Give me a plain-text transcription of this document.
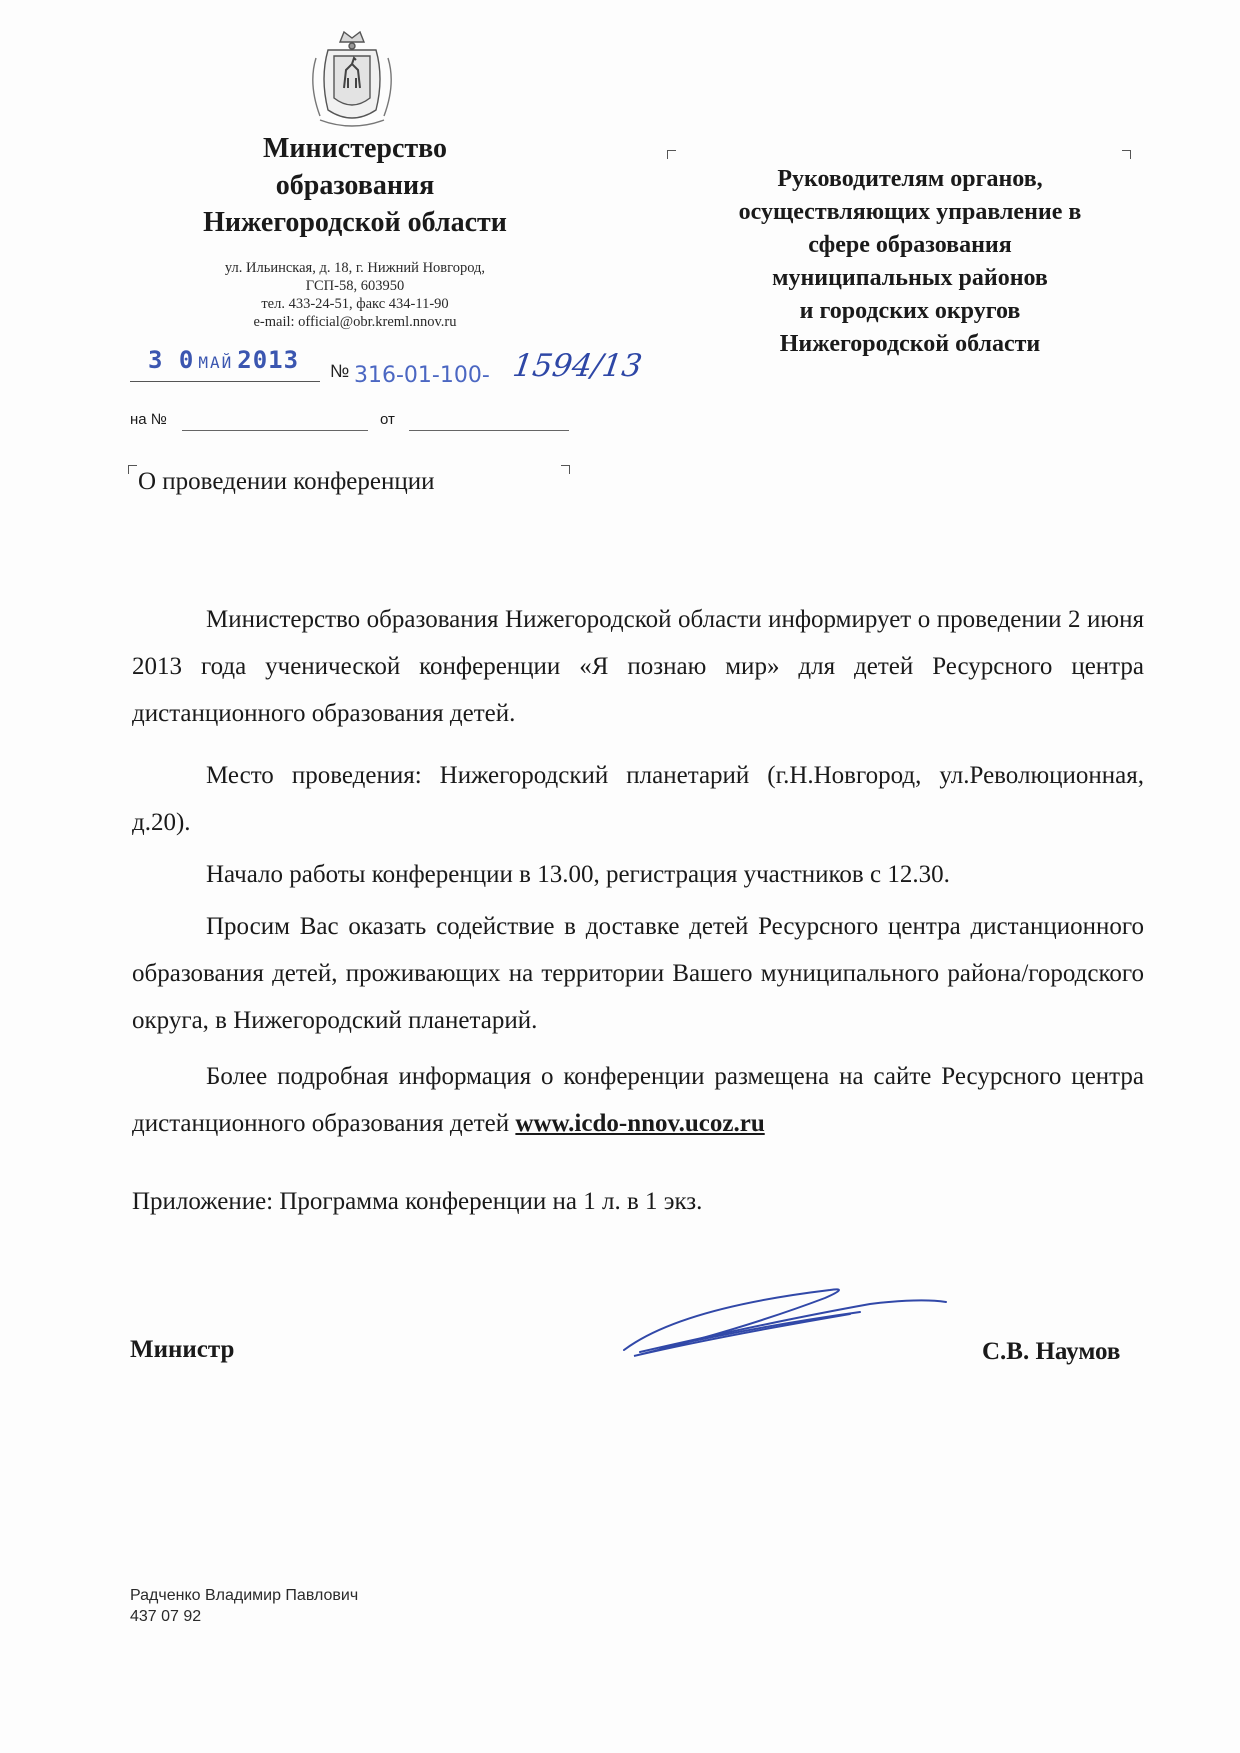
Министерство
образования
Нижегородской области
ул. Ильинская, д. 18, г. Нижний Новгород,
ГСП-58, 603950
тел. 433-24-51, факс 434-11-90
e-mail: official@obr.kreml.nnov.ru
3 0 МАЙ 2013 № 316-01-100- 1594/13
на №	от
О проведении конференции
Руководителям органов,
осуществляющих управление в
сфере образования
муниципальных районов
и городских округов
Нижегородской области
Министерство образования Нижегородской области информирует о проведении 2 июня 2013 года ученической конференции «Я познаю мир» для детей Ресурсного центра дистанционного образования детей.
Место проведения: Нижегородский планетарий (г.Н.Новгород, ул.Революционная, д.20).
Начало работы конференции в 13.00, регистрация участников с 12.30.
Просим Вас оказать содействие в доставке детей Ресурсного центра дистанционного образования детей, проживающих на территории Вашего муниципального района/городского округа, в Нижегородский планетарий.
Более подробная информация о конференции размещена на сайте Ресурсного центра дистанционного образования детей www.icdo-nnov.ucoz.ru
Приложение: Программа конференции на 1 л. в 1 экз.
Министр	С.В. Наумов
Радченко Владимир Павлович
437 07 92
